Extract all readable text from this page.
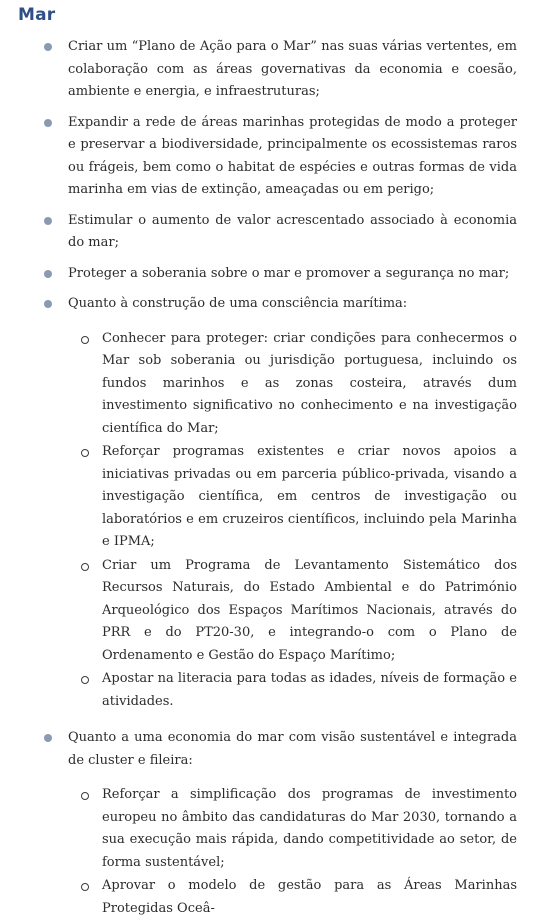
Mar
Criar um “Plano de Ação para o Mar” nas suas várias vertentes, em colaboração com as áreas governativas da economia e coesão, ambiente e energia, e infraestruturas;
Expandir a rede de áreas marinhas protegidas de modo a proteger e preservar a biodiversidade, principalmente os ecossistemas raros ou frágeis, bem como o habitat de espécies e outras formas de vida marinha em vias de extinção, ameaçadas ou em perigo;
Estimular o aumento de valor acrescentado associado à economia do mar;
Proteger a soberania sobre o mar e promover a segurança no mar;
Quanto à construção de uma consciência marítima:
Conhecer para proteger: criar condições para conhecermos o Mar sob soberania ou jurisdição portuguesa, incluindo os fundos marinhos e as zonas costeira, através dum investimento significativo no conhecimento e na investigação científica do Mar;
Reforçar programas existentes e criar novos apoios a iniciativas privadas ou em parceria público-privada, visando a investigação científica, em centros de investigação ou laboratórios e em cruzeiros científicos, incluindo pela Marinha e IPMA;
Criar um Programa de Levantamento Sistemático dos Recursos Naturais, do Estado Ambiental e do Património Arqueológico dos Espaços Marítimos Nacionais, através do PRR e do PT20-30, e integrando-o com o Plano de Ordenamento e Gestão do Espaço Marítimo;
Apostar na literacia para todas as idades, níveis de formação e atividades.
Quanto a uma economia do mar com visão sustentável e integrada de cluster e fileira:
Reforçar a simplificação dos programas de investimento europeu no âmbito das candidaturas do Mar 2030, tornando a sua execução mais rápida, dando competitividade ao setor, de forma sustentável;
Aprovar o modelo de gestão para as Áreas Marinhas Protegidas Oceâ-
